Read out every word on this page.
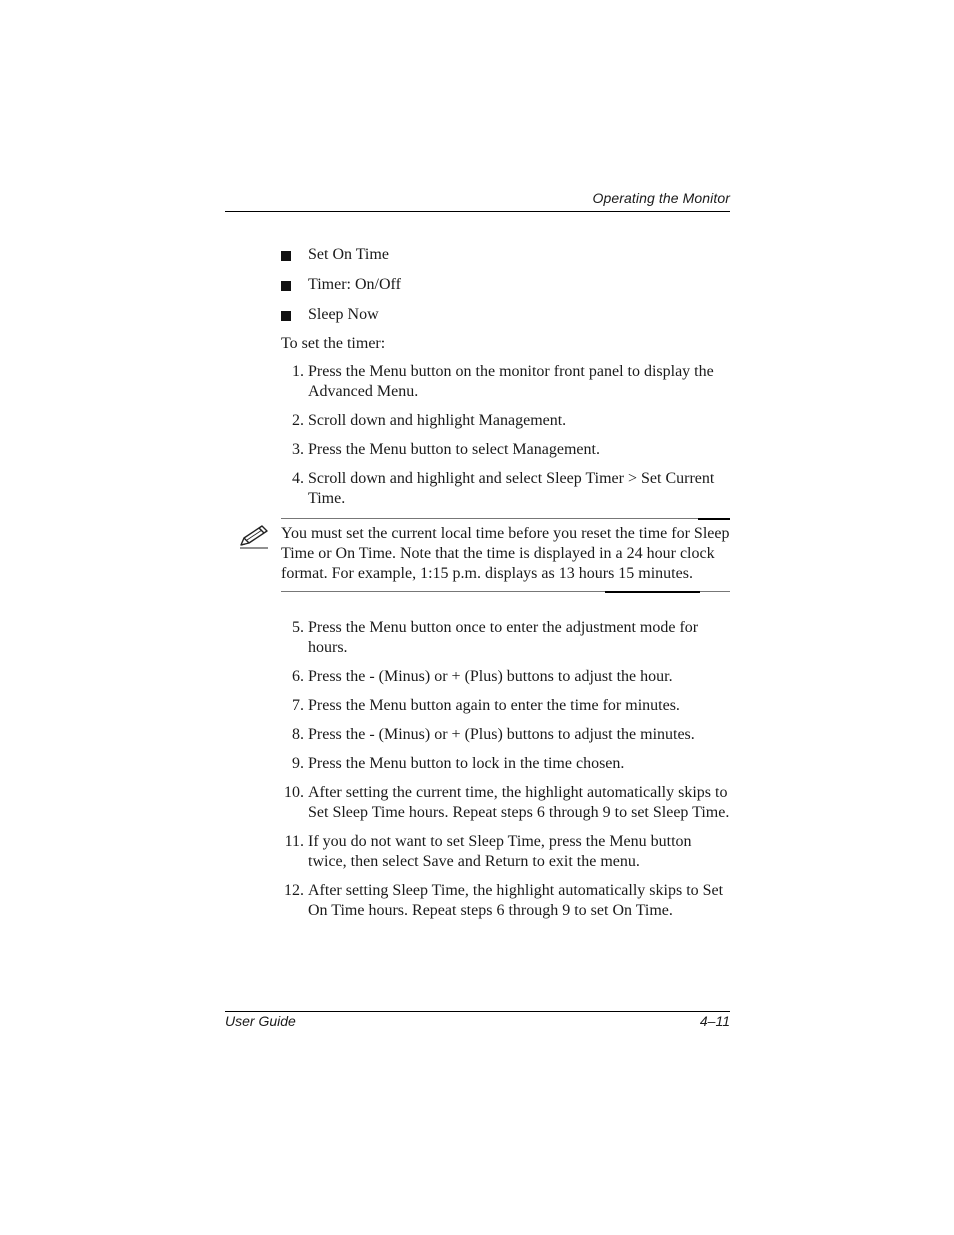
Operating the Monitor
Set On Time
Timer: On/Off
Sleep Now
To set the timer:
1. Press the Menu button on the monitor front panel to display the Advanced Menu.
2. Scroll down and highlight Management.
3. Press the Menu button to select Management.
4. Scroll down and highlight and select Sleep Timer > Set Current Time.

You must set the current local time before you reset the time for Sleep Time or On Time. Note that the time is displayed in a 24 hour clock format. For example, 1:15 p.m. displays as 13 hours 15 minutes.

5. Press the Menu button once to enter the adjustment mode for hours.
6. Press the - (Minus) or + (Plus) buttons to adjust the hour.
7. Press the Menu button again to enter the time for minutes.
8. Press the - (Minus) or + (Plus) buttons to adjust the minutes.
9. Press the Menu button to lock in the time chosen.
10. After setting the current time, the highlight automatically skips to Set Sleep Time hours. Repeat steps 6 through 9 to set Sleep Time.
11. If you do not want to set Sleep Time, press the Menu button twice, then select Save and Return to exit the menu.
12. After setting Sleep Time, the highlight automatically skips to Set On Time hours. Repeat steps 6 through 9 to set On Time.
User Guide	4–11
